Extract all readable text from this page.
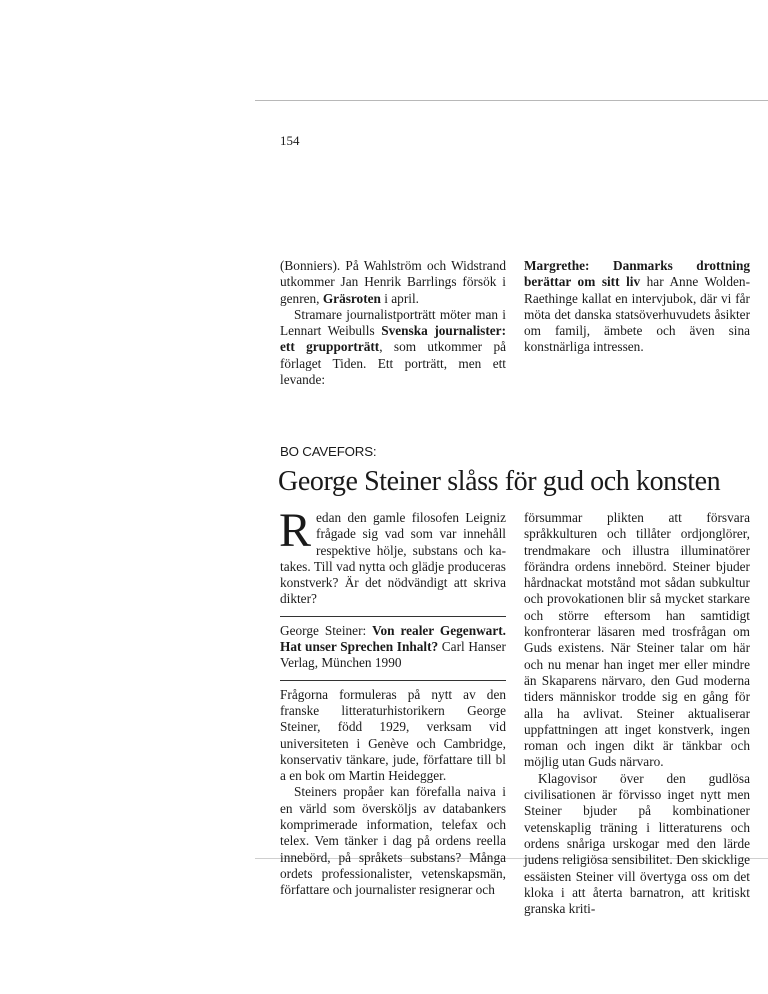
154

(Bonniers). På Wahlström och Widstrand utkommer Jan Henrik Barrlings försök i genren, Gräsroten i april.

Stramare journalistporträtt möter man i Lennart Weibulls Svenska journalister: ett grupporträtt, som utkommer på förlaget Tiden. Ett porträtt, men ett levande:

Margrethe: Danmarks drottning berättar om sitt liv har Anne Wolden-Raethinge kallat en intervjubok, där vi får möta det danska statsöverhuvudets åsikter om familj, ämbete och även sina konstnärliga intressen.

BO CAVEFORS:
George Steiner slåss för gud och konsten

Redan den gamle filosofen Leigniz frågade sig vad som var innehåll respektive hölje, substans och ka-takes. Till vad nytta och glädje produceras konstverk? Är det nödvändigt att skriva dikter?

George Steiner: Von realer Gegenwart. Hat unser Sprechen Inhalt? Carl Hanser Verlag, München 1990

Frågorna formuleras på nytt av den franske litteraturhistorikern George Steiner, född 1929, verksam vid universiteten i Genève och Cambridge, konservativ tänkare, jude, författare till bl a en bok om Martin Heidegger.

Steiners propåer kan förefalla naiva i en värld som översköljs av databankers komprimerade information, telefax och telex. Vem tänker i dag på ordens reella innebörd, på språkets substans? Många ordets professionalister, vetenskapsmän, författare och journalister resignerar och

försummar plikten att försvara språkkulturen och tillåter ordjonglörer, trendmakare och illustra illuminatörer förändra ordens innebörd. Steiner bjuder hårdnackat motstånd mot sådan subkultur och provokationen blir så mycket starkare och större eftersom han samtidigt konfronterar läsaren med trosfrågan om Guds existens. När Steiner talar om här och nu menar han inget mer eller mindre än Skaparens närvaro, den Gud moderna tiders människor trodde sig en gång för alla ha avlivat. Steiner aktualiserar uppfattningen att inget konstverk, ingen roman och ingen dikt är tänkbar och möjlig utan Guds närvaro.

Klagovisor över den gudlösa civilisationen är förvisso inget nytt men Steiner bjuder på kombinationer vetenskaplig träning i litteraturens och ordens snåriga urskogar med den lärde judens religiösa sensibilitet. Den skicklige essäisten Steiner vill övertyga oss om det kloka i att återta barnatron, att kritiskt granska kriti-
